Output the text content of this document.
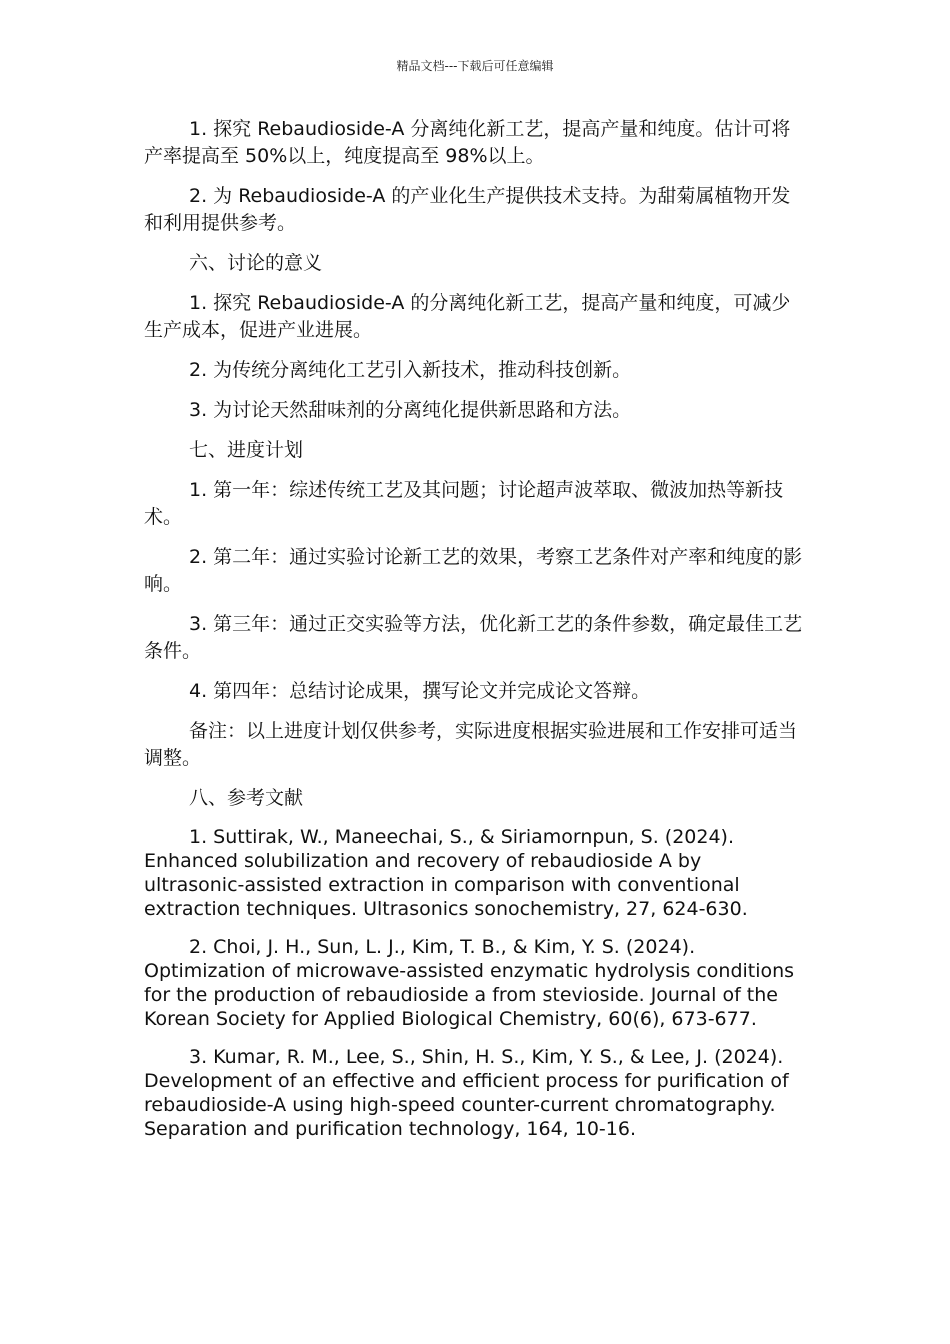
精品文档---下载后可任意编辑

1. 探究 Rebaudioside-A 分离纯化新工艺，提高产量和纯度。估计可将产率提高至 50%以上，纯度提高至 98%以上。

2. 为 Rebaudioside-A 的产业化生产提供技术支持。为甜菊属植物开发和利用提供参考。

六、讨论的意义

1. 探究 Rebaudioside-A 的分离纯化新工艺，提高产量和纯度，可减少生产成本，促进产业进展。

2. 为传统分离纯化工艺引入新技术，推动科技创新。

3. 为讨论天然甜味剂的分离纯化提供新思路和方法。

七、进度计划

1. 第一年：综述传统工艺及其问题；讨论超声波萃取、微波加热等新技术。

2. 第二年：通过实验讨论新工艺的效果，考察工艺条件对产率和纯度的影响。

3. 第三年：通过正交实验等方法，优化新工艺的条件参数，确定最佳工艺条件。

4. 第四年：总结讨论成果，撰写论文并完成论文答辩。

备注：以上进度计划仅供参考，实际进度根据实验进展和工作安排可适当调整。

八、参考文献

1. Suttirak, W., Maneechai, S., & Siriamornpun, S. (2024). Enhanced solubilization and recovery of rebaudioside A by ultrasonic-assisted extraction in comparison with conventional extraction techniques. Ultrasonics sonochemistry, 27, 624-630.

2. Choi, J. H., Sun, L. J., Kim, T. B., & Kim, Y. S. (2024). Optimization of microwave-assisted enzymatic hydrolysis conditions for the production of rebaudioside a from stevioside. Journal of the Korean Society for Applied Biological Chemistry, 60(6), 673-677.

3. Kumar, R. M., Lee, S., Shin, H. S., Kim, Y. S., & Lee, J. (2024). Development of an effective and efficient process for purification of rebaudioside-A using high-speed counter-current chromatography. Separation and purification technology, 164, 10-16.
